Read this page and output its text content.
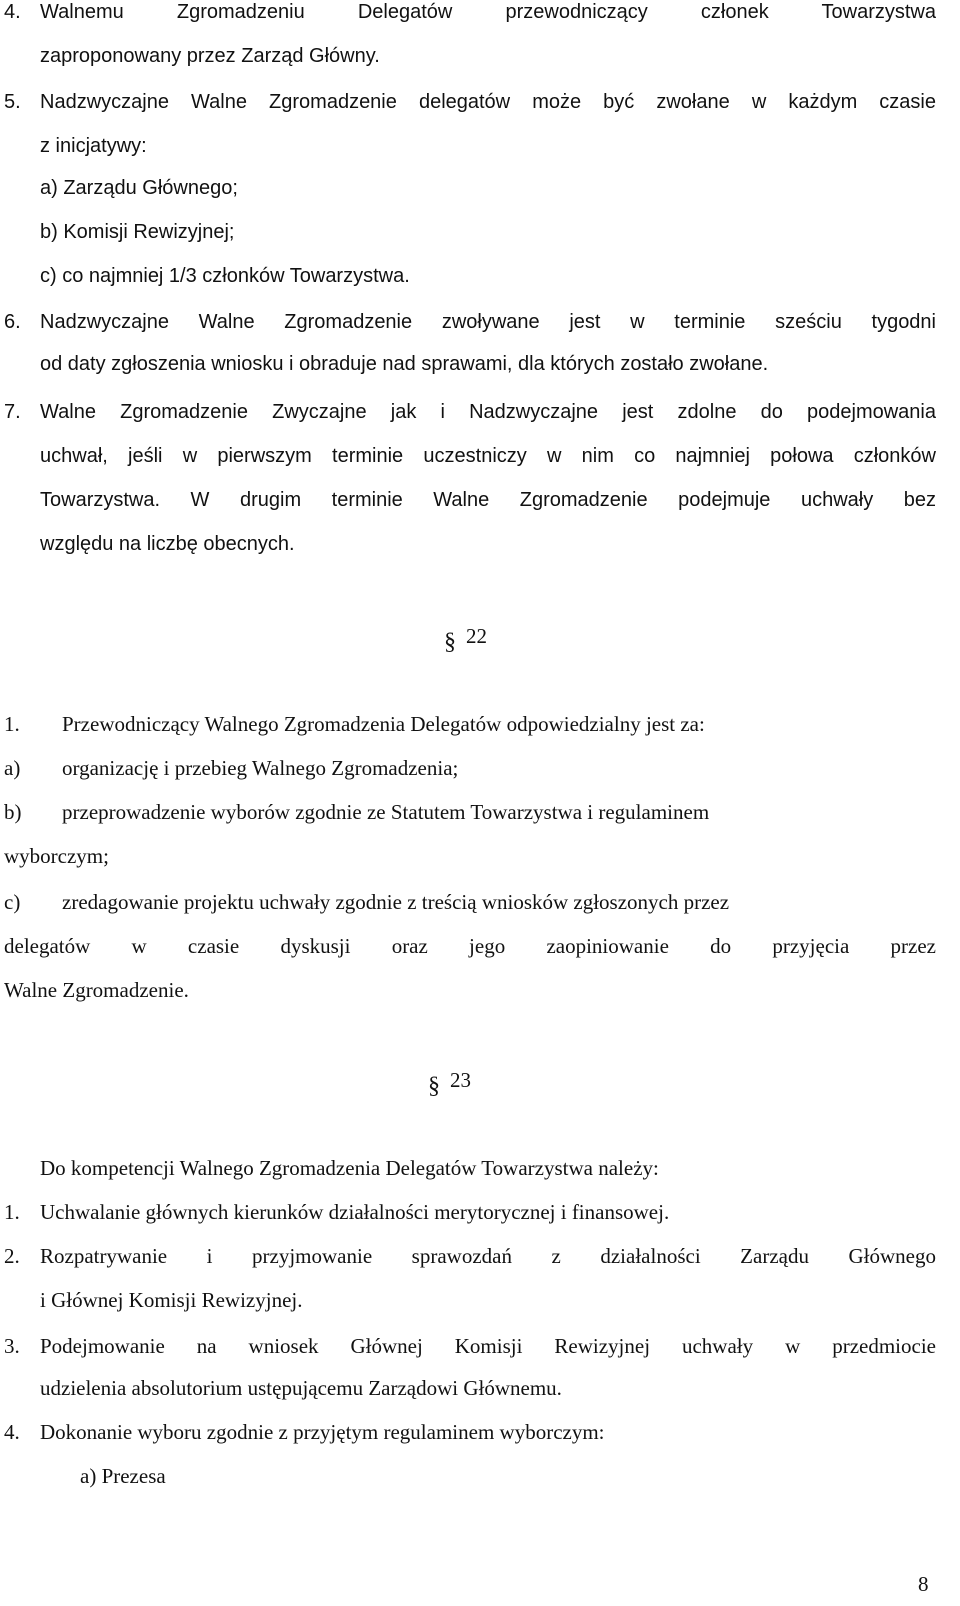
4. Walnemu Zgromadzeniu Delegatów przewodniczący członek Towarzystwa
zaproponowany przez Zarząd Główny.
5. Nadzwyczajne Walne Zgromadzenie delegatów może być zwołane w każdym czasie
z inicjatywy:
a) Zarządu Głównego;
b) Komisji Rewizyjnej;
c) co najmniej 1/3 członków Towarzystwa.
6. Nadzwyczajne Walne Zgromadzenie zwoływane jest w terminie sześciu tygodni
od daty zgłoszenia wniosku i obraduje nad sprawami, dla których zostało zwołane.
7. Walne Zgromadzenie Zwyczajne jak i Nadzwyczajne jest zdolne do podejmowania
uchwał, jeśli w pierwszym terminie uczestniczy w nim co najmniej połowa członków
Towarzystwa. W drugim terminie Walne Zgromadzenie podejmuje uchwały bez
względu na liczbę obecnych.
§ 22
1. Przewodniczący Walnego Zgromadzenia Delegatów odpowiedzialny jest za:
a) organizację i przebieg Walnego Zgromadzenia;
b) przeprowadzenie wyborów zgodnie ze Statutem Towarzystwa i regulaminem
wyborczym;
c) zredagowanie projektu uchwały zgodnie z treścią wniosków zgłoszonych przez
delegatów w czasie dyskusji oraz jego zaopiniowanie do przyjęcia przez
Walne Zgromadzenie.
§ 23
Do kompetencji Walnego Zgromadzenia Delegatów Towarzystwa należy:
1. Uchwalanie głównych kierunków działalności merytorycznej i finansowej.
2. Rozpatrywanie i przyjmowanie sprawozdań z działalności Zarządu Głównego
i Głównej Komisji Rewizyjnej.
3. Podejmowanie na wniosek Głównej Komisji Rewizyjnej uchwały w przedmiocie
udzielenia absolutorium ustępującemu Zarządowi Głównemu.
4. Dokonanie wyboru zgodnie z przyjętym regulaminem wyborczym:
a) Prezesa
8
